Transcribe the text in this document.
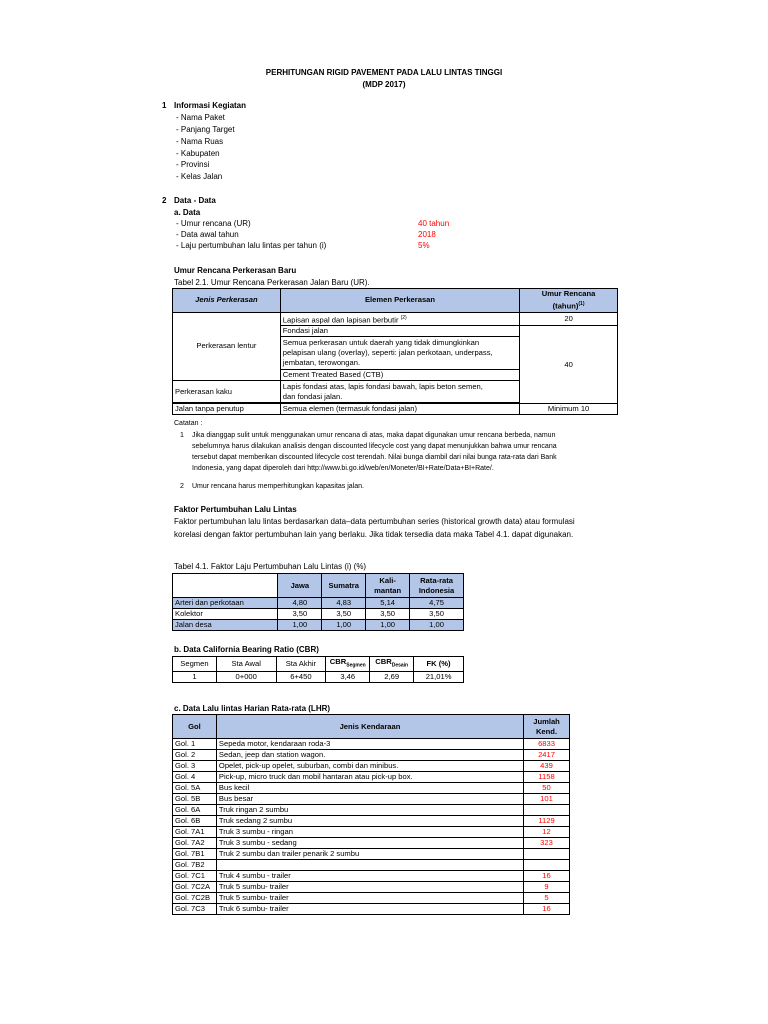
PERHITUNGAN RIGID PAVEMENT PADA LALU LINTAS TINGGI
(MDP 2017)
1 Informasi Kegiatan
- Nama Paket
- Panjang Target
- Nama Ruas
- Kabupaten
- Provinsi
- Kelas Jalan
2 Data - Data
a. Data
- Umur rencana (UR)	40 tahun
- Data awal tahun	2018
- Laju pertumbuhan lalu lintas per tahun (i)	5%
Umur Rencana Perkerasan Baru
Tabel 2.1. Umur Rencana Perkerasan Jalan Baru (UR).
Jenis Perkerasan	Elemen Perkerasan	Umur Rencana
(tahun)$^{(1)}$
Perkerasan lentur	Lapisan aspal dan lapisan berbutir $^{(2)}$	20
	Fondasi jalan	40
	Semua perkerasan untuk daerah yang tidak dimungkinkan
pelapisan ulang (overlay), seperti: jalan perkotaan, underpass,
jembatan, terowongan.	
	Cement Treated Based (CTB)	
Perkerasan kaku	Lapis fondasi atas, lapis fondasi bawah, lapis beton semen,
dan fondasi jalan.	

Jalan tanpa penutup	Semua elemen (termasuk fondasi jalan)	Minimum 10
Catatan :
1 Jika dianggap sulit untuk menggunakan umur rencana di atas, maka dapat digunakan umur rencana berbeda, namun
sebelumnya harus dilakukan analisis dengan discounted lifecycle cost yang dapat menunjukkan bahwa umur rencana
tersebut dapat memberikan discounted lifecycle cost terendah. Nilai bunga diambil dari nilai bunga rata-rata dari Bank
Indonesia, yang dapat diperoleh dari http://www.bi.go.id/web/en/Moneter/BI+Rate/Data+BI+Rate/.
2 Umur rencana harus memperhitungkan kapasitas jalan.
Faktor Pertumbuhan Lalu Lintas
Faktor pertumbuhan lalu lintas berdasarkan data–data pertumbuhan series (historical growth data) atau formulasi
korelasi dengan faktor pertumbuhan lain yang berlaku. Jika tidak tersedia data maka Tabel 4.1. dapat digunakan.
Tabel 4.1. Faktor Laju Pertumbuhan Lalu Lintas (i) (%)
	Jawa	Sumatra	Kali-
mantan	Rata-rata
Indonesia
Arteri dan perkotaan	4,80	4,83	5,14	4,75
Kolektor	3,50	3,50	3,50	3,50
Jalan desa	1,00	1,00	1,00	1,00
b. Data California Bearing Ratio (CBR)
Segmen	Sta Awal	Sta Akhir	$CBR_{Segmen}$	$CBR_{Desain}$	FK (%)
1	0+000	6+450	3,46	2,69	21,01%
c. Data Lalu lintas Harian Rata-rata (LHR)
Gol	Jenis Kendaraan	Jumlah
Kend.
Gol. 1	Sepeda motor, kendaraan roda-3	6833
Gol. 2	Sedan, jeep dan station wagon.	2417
Gol. 3	Opelet, pick-up opelet, suburban, combi dan minibus.	439
Gol. 4	Pick-up, micro truck dan mobil hantaran atau pick-up box.	1158
Gol. 5A	Bus kecil	50
Gol. 5B	Bus besar	101
Gol. 6A	Truk ringan 2 sumbu	
Gol. 6B	Truk sedang 2 sumbu	1129
Gol. 7A1	Truk 3 sumbu - ringan	12
Gol. 7A2	Truk 3 sumbu - sedang	323
Gol. 7B1	Truk 2 sumbu dan trailer penarik 2 sumbu	
Gol. 7B2		
Gol. 7C1	Truk 4 sumbu - trailer	16
Gol. 7C2A	Truk 5 sumbu- trailer	9
Gol. 7C2B	Truk 5 sumbu- trailer	5
Gol. 7C3	Truk 6 sumbu- trailer	16
